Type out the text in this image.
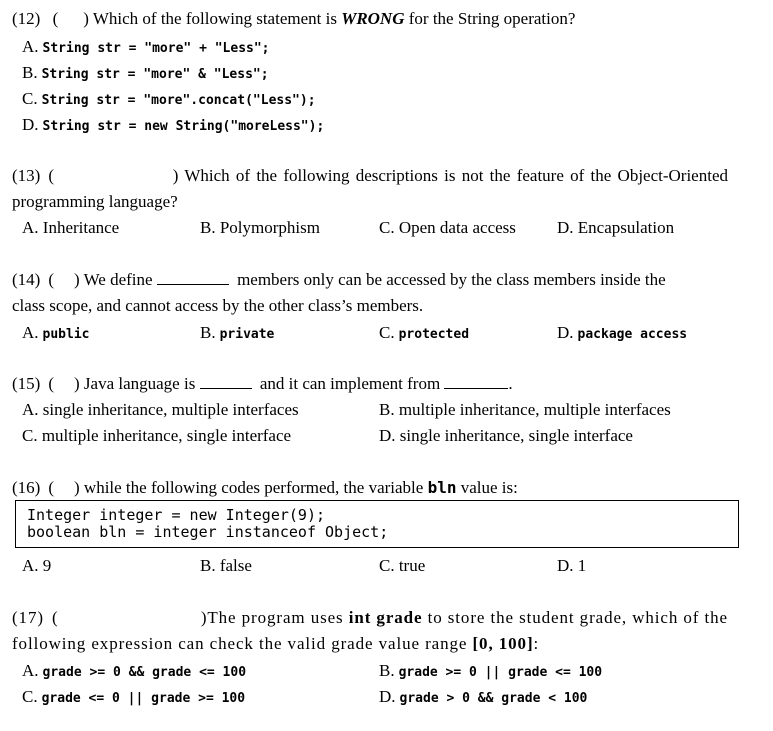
(12) ( ) Which of the following statement is WRONG for the String operation?
A. String str = "more" + "Less";
B. String str = "more" & "Less";
C. String str = "more".concat("Less");
D. String str = new String("moreLess");
(13) (	) Which of the following descriptions is not the feature of the Object-Oriented
programming language?
A. Inheritance	B. Polymorphism	C. Open data access D. Encapsulation
(14) ( ) We define	members only can be accessed by the class members inside the
class scope, and cannot access by the other class’s members.
A. public	B. private	C. protected	D. package access
(15) ( ) Java language is	and it can implement from	.
A. single inheritance, multiple interfaces	B. multiple inheritance, multiple interfaces
C. multiple inheritance, single interface	D. single inheritance, single interface
(16) ( ) while the following codes performed, the variable bln value is:
Integer integer = new Integer(9);
boolean bln = integer instanceof Object;
A. 9	B. false	C. true	D. 1
(17) (	)The program uses int grade to store the student grade, which of the
following expression can check the valid grade value range [0, 100]:
A. grade >= 0 && grade <= 100	B. grade >= 0 || grade <= 100
C. grade <= 0 || grade >= 100	D. grade > 0 && grade < 100
